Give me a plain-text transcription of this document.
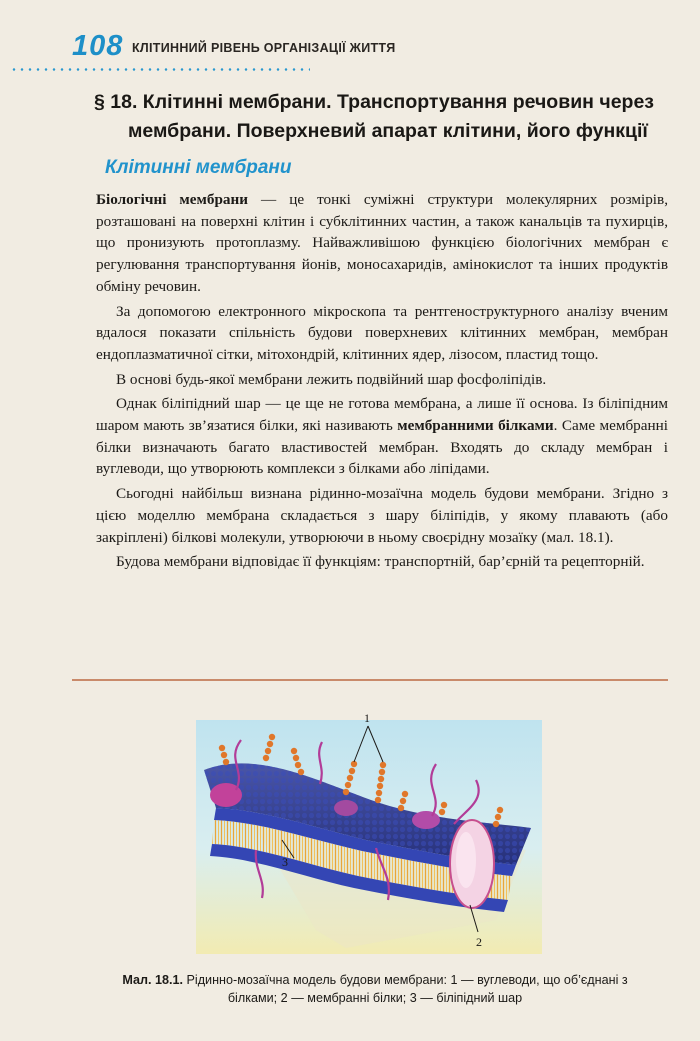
108 КЛІТИННИЙ РІВЕНЬ ОРГАНІЗАЦІЇ ЖИТТЯ
§ 18. Клітинні мембрани. Транспортування речовин через
мембрани. Поверхневий апарат клітини, його функції
Клітинні мембрани

Біологічні мембрани — це тонкі суміжні структури молекулярних розмірів, розташовані на поверхні клітин і субклітинних частин, а також канальців та пухирців, що пронизують протоплазму. Найважливішою функцією біологічних мембран є регулювання транспортування йонів, моносахаридів, амінокислот та інших продуктів обміну речовин.

За допомогою електронного мікроскопа та рентгеноструктурного аналізу вченим вдалося показати спільність будови поверхневих клітинних мембран, мембран ендоплазматичної сітки, мітохондрій, клітинних ядер, лізосом, пластид тощо.

В основі будь-якої мембрани лежить подвійний шар фосфоліпідів.

Однак біліпідний шар — це ще не готова мембрана, а лише її основа. Із біліпідним шаром мають зв’язатися білки, які називають мембранними білками. Саме мембранні білки визначають багато властивостей мембран. Входять до складу мембран і вуглеводи, що утворюють комплекси з білками або ліпідами.

Сьогодні найбільш визнана рідинно-мозаїчна модель будови мембрани. Згідно з цією моделлю мембрана складається з шару біліпідів, у якому плавають (або закріплені) білкові молекули, утворюючи в ньому своєрідну мозаїку (мал. 18.1).

Будова мембрани відповідає її функціям: транспортній, бар’єрній та рецепторній.

1
3
2
Мал. 18.1. Рідинно-мозаїчна модель будови мембрани: 1 — вуглеводи, що об’єднані з білками; 2 — мембранні білки; 3 — біліпідний шар
